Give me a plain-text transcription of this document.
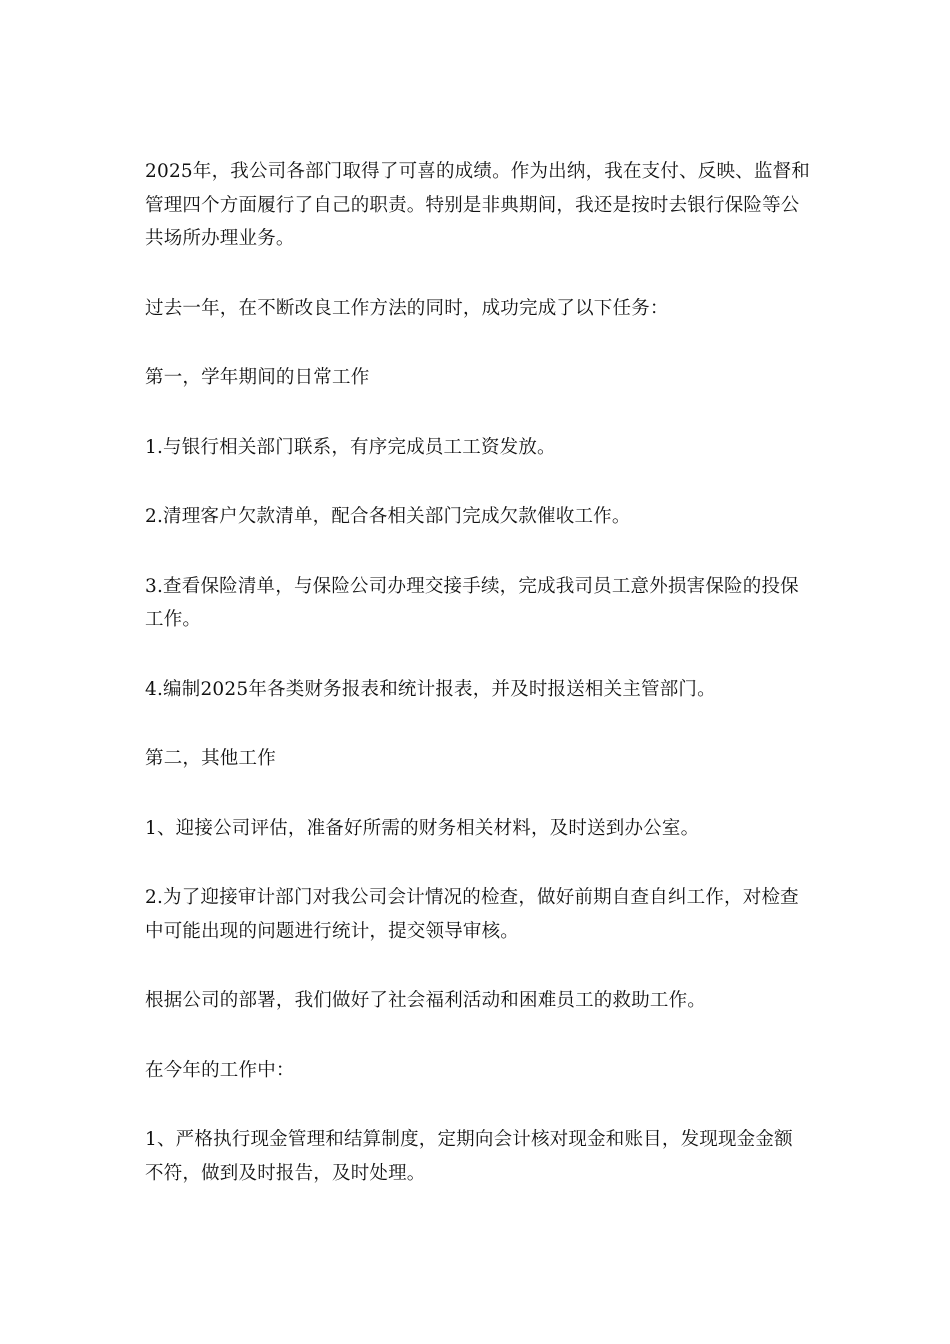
2025年，我公司各部门取得了可喜的成绩。作为出纳，我在支付、反映、监督和管理四个方面履行了自己的职责。特别是非典期间，我还是按时去银行保险等公共场所办理业务。

过去一年，在不断改良工作方法的同时，成功完成了以下任务：

第一，学年期间的日常工作

1.与银行相关部门联系，有序完成员工工资发放。

2.清理客户欠款清单，配合各相关部门完成欠款催收工作。

3.查看保险清单，与保险公司办理交接手续，完成我司员工意外损害保险的投保工作。

4.编制2025年各类财务报表和统计报表，并及时报送相关主管部门。

第二，其他工作

1、迎接公司评估，准备好所需的财务相关材料，及时送到办公室。

2.为了迎接审计部门对我公司会计情况的检查，做好前期自查自纠工作，对检查中可能出现的问题进行统计，提交领导审核。

根据公司的部署，我们做好了社会福利活动和困难员工的救助工作。

在今年的工作中：

1、严格执行现金管理和结算制度，定期向会计核对现金和账目，发现现金金额不符，做到及时报告，及时处理。
